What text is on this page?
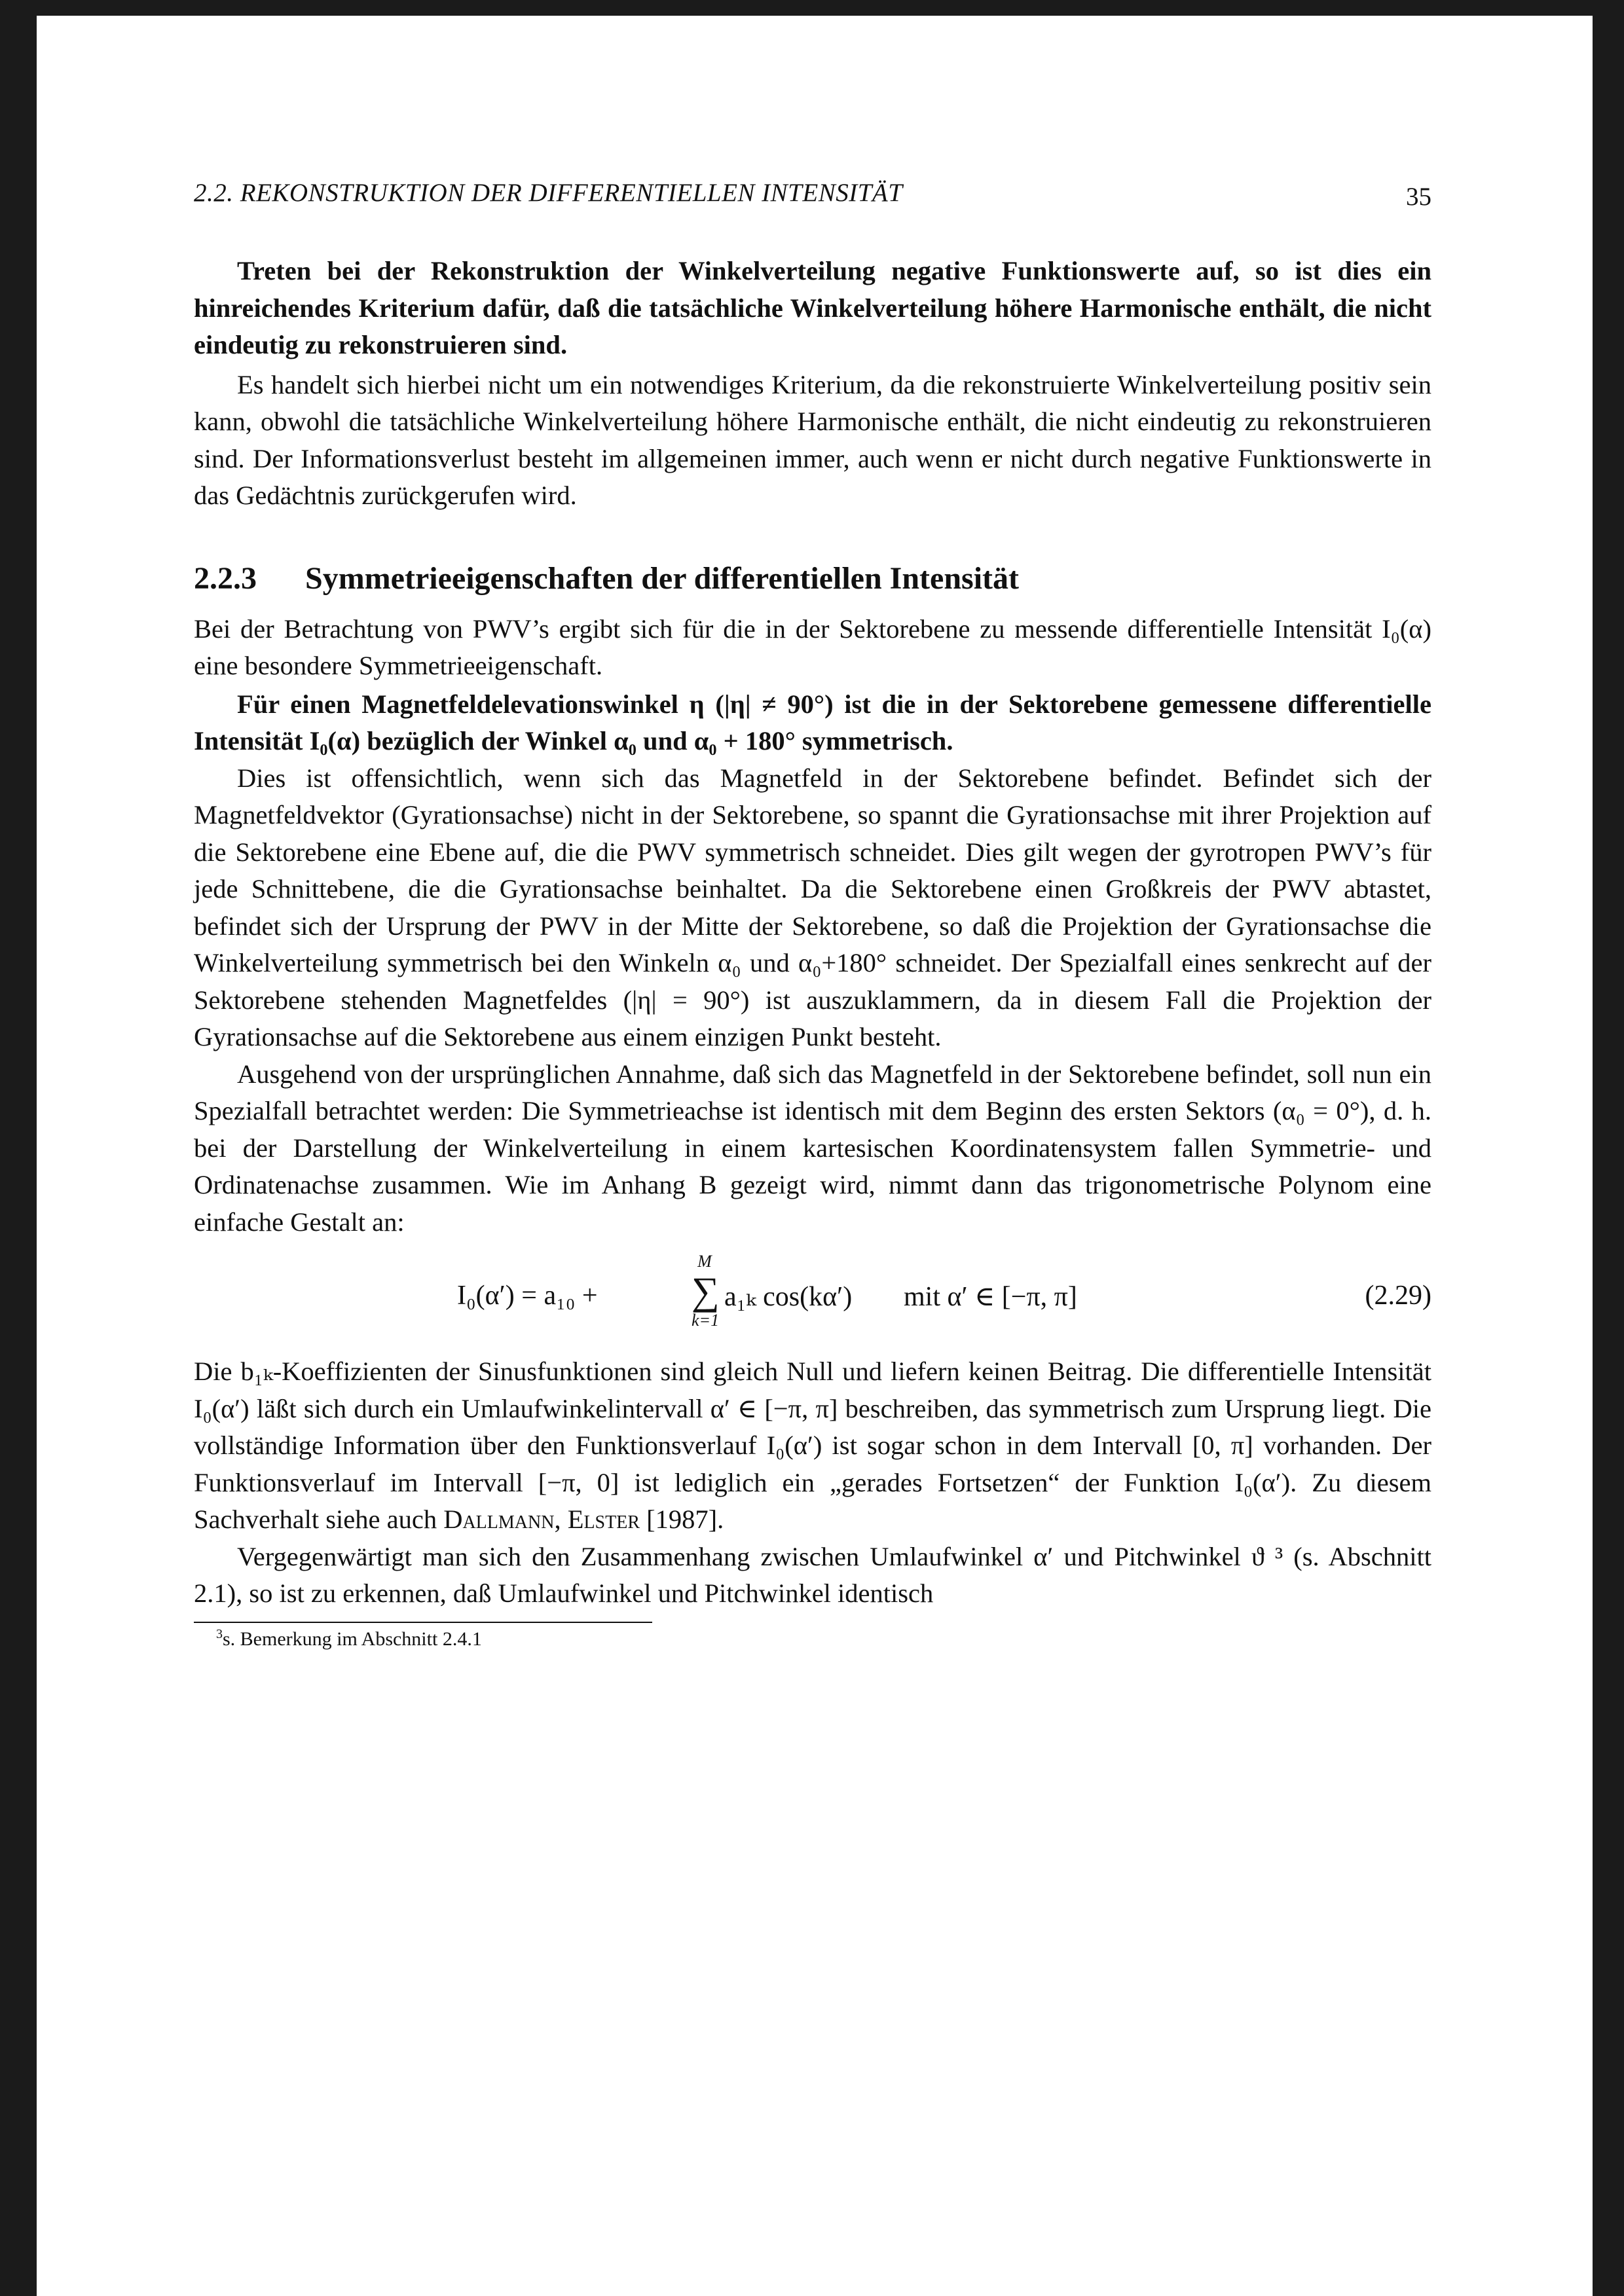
2.2. REKONSTRUKTION DER DIFFERENTIELLEN INTENSITÄT	35

Treten bei der Rekonstruktion der Winkelverteilung negative Funktionswerte auf, so ist dies ein hinreichendes Kriterium dafür, daß die tatsächliche Winkelverteilung höhere Harmonische enthält, die nicht eindeutig zu rekonstruieren sind.

Es handelt sich hierbei nicht um ein notwendiges Kriterium, da die rekonstruierte Winkelverteilung positiv sein kann, obwohl die tatsächliche Winkelverteilung höhere Harmonische enthält, die nicht eindeutig zu rekonstruieren sind. Der Informationsverlust besteht im allgemeinen immer, auch wenn er nicht durch negative Funktionswerte in das Gedächtnis zurückgerufen wird.

2.2.3 Symmetrieeigenschaften der differentiellen Intensität

Bei der Betrachtung von PWV’s ergibt sich für die in der Sektorebene zu messende differentielle Intensität I₀(α) eine besondere Symmetrieeigenschaft.

Für einen Magnetfeldelevationswinkel η (|η| ≠ 90°) ist die in der Sektorebene gemessene differentielle Intensität I₀(α) bezüglich der Winkel α₀ und α₀ + 180° symmetrisch.

Dies ist offensichtlich, wenn sich das Magnetfeld in der Sektorebene befindet. Befindet sich der Magnetfeldvektor (Gyrationsachse) nicht in der Sektorebene, so spannt die Gyrationsachse mit ihrer Projektion auf die Sektorebene eine Ebene auf, die die PWV symmetrisch schneidet. Dies gilt wegen der gyrotropen PWV’s für jede Schnittebene, die die Gyrationsachse beinhaltet. Da die Sektorebene einen Großkreis der PWV abtastet, befindet sich der Ursprung der PWV in der Mitte der Sektorebene, so daß die Projektion der Gyrationsachse die Winkelverteilung symmetrisch bei den Winkeln α₀ und α₀+180° schneidet. Der Spezialfall eines senkrecht auf der Sektorebene stehenden Magnetfeldes (|η| = 90°) ist auszuklammern, da in diesem Fall die Projektion der Gyrationsachse auf die Sektorebene aus einem einzigen Punkt besteht.

Ausgehend von der ursprünglichen Annahme, daß sich das Magnetfeld in der Sektorebene befindet, soll nun ein Spezialfall betrachtet werden: Die Symmetrieachse ist identisch mit dem Beginn des ersten Sektors (α₀ = 0°), d. h. bei der Darstellung der Winkelverteilung in einem kartesischen Koordinatensystem fallen Symmetrie- und Ordinatenachse zusammen. Wie im Anhang B gezeigt wird, nimmt dann das trigonometrische Polynom eine einfache Gestalt an:

I₀(α′) = a₁₀ +
M
∑
k=1
a₁ₖ cos(kα′) mit α′ ∈ [−π, π]	(2.29)

Die b₁ₖ-Koeffizienten der Sinusfunktionen sind gleich Null und liefern keinen Beitrag. Die differentielle Intensität I₀(α′) läßt sich durch ein Umlaufwinkelintervall α′ ∈ [−π, π] beschreiben, das symmetrisch zum Ursprung liegt. Die vollständige Information über den Funktionsverlauf I₀(α′) ist sogar schon in dem Intervall [0, π] vorhanden. Der Funktionsverlauf im Intervall [−π, 0] ist lediglich ein „gerades Fortsetzen“ der Funktion I₀(α′). Zu diesem Sachverhalt siehe auch Dallmann, Elster [1987].

Vergegenwärtigt man sich den Zusammenhang zwischen Umlaufwinkel α′ und Pitchwinkel ϑ ³ (s. Abschnitt 2.1), so ist zu erkennen, daß Umlaufwinkel und Pitchwinkel identisch

$^3$s. Bemerkung im Abschnitt 2.4.1
